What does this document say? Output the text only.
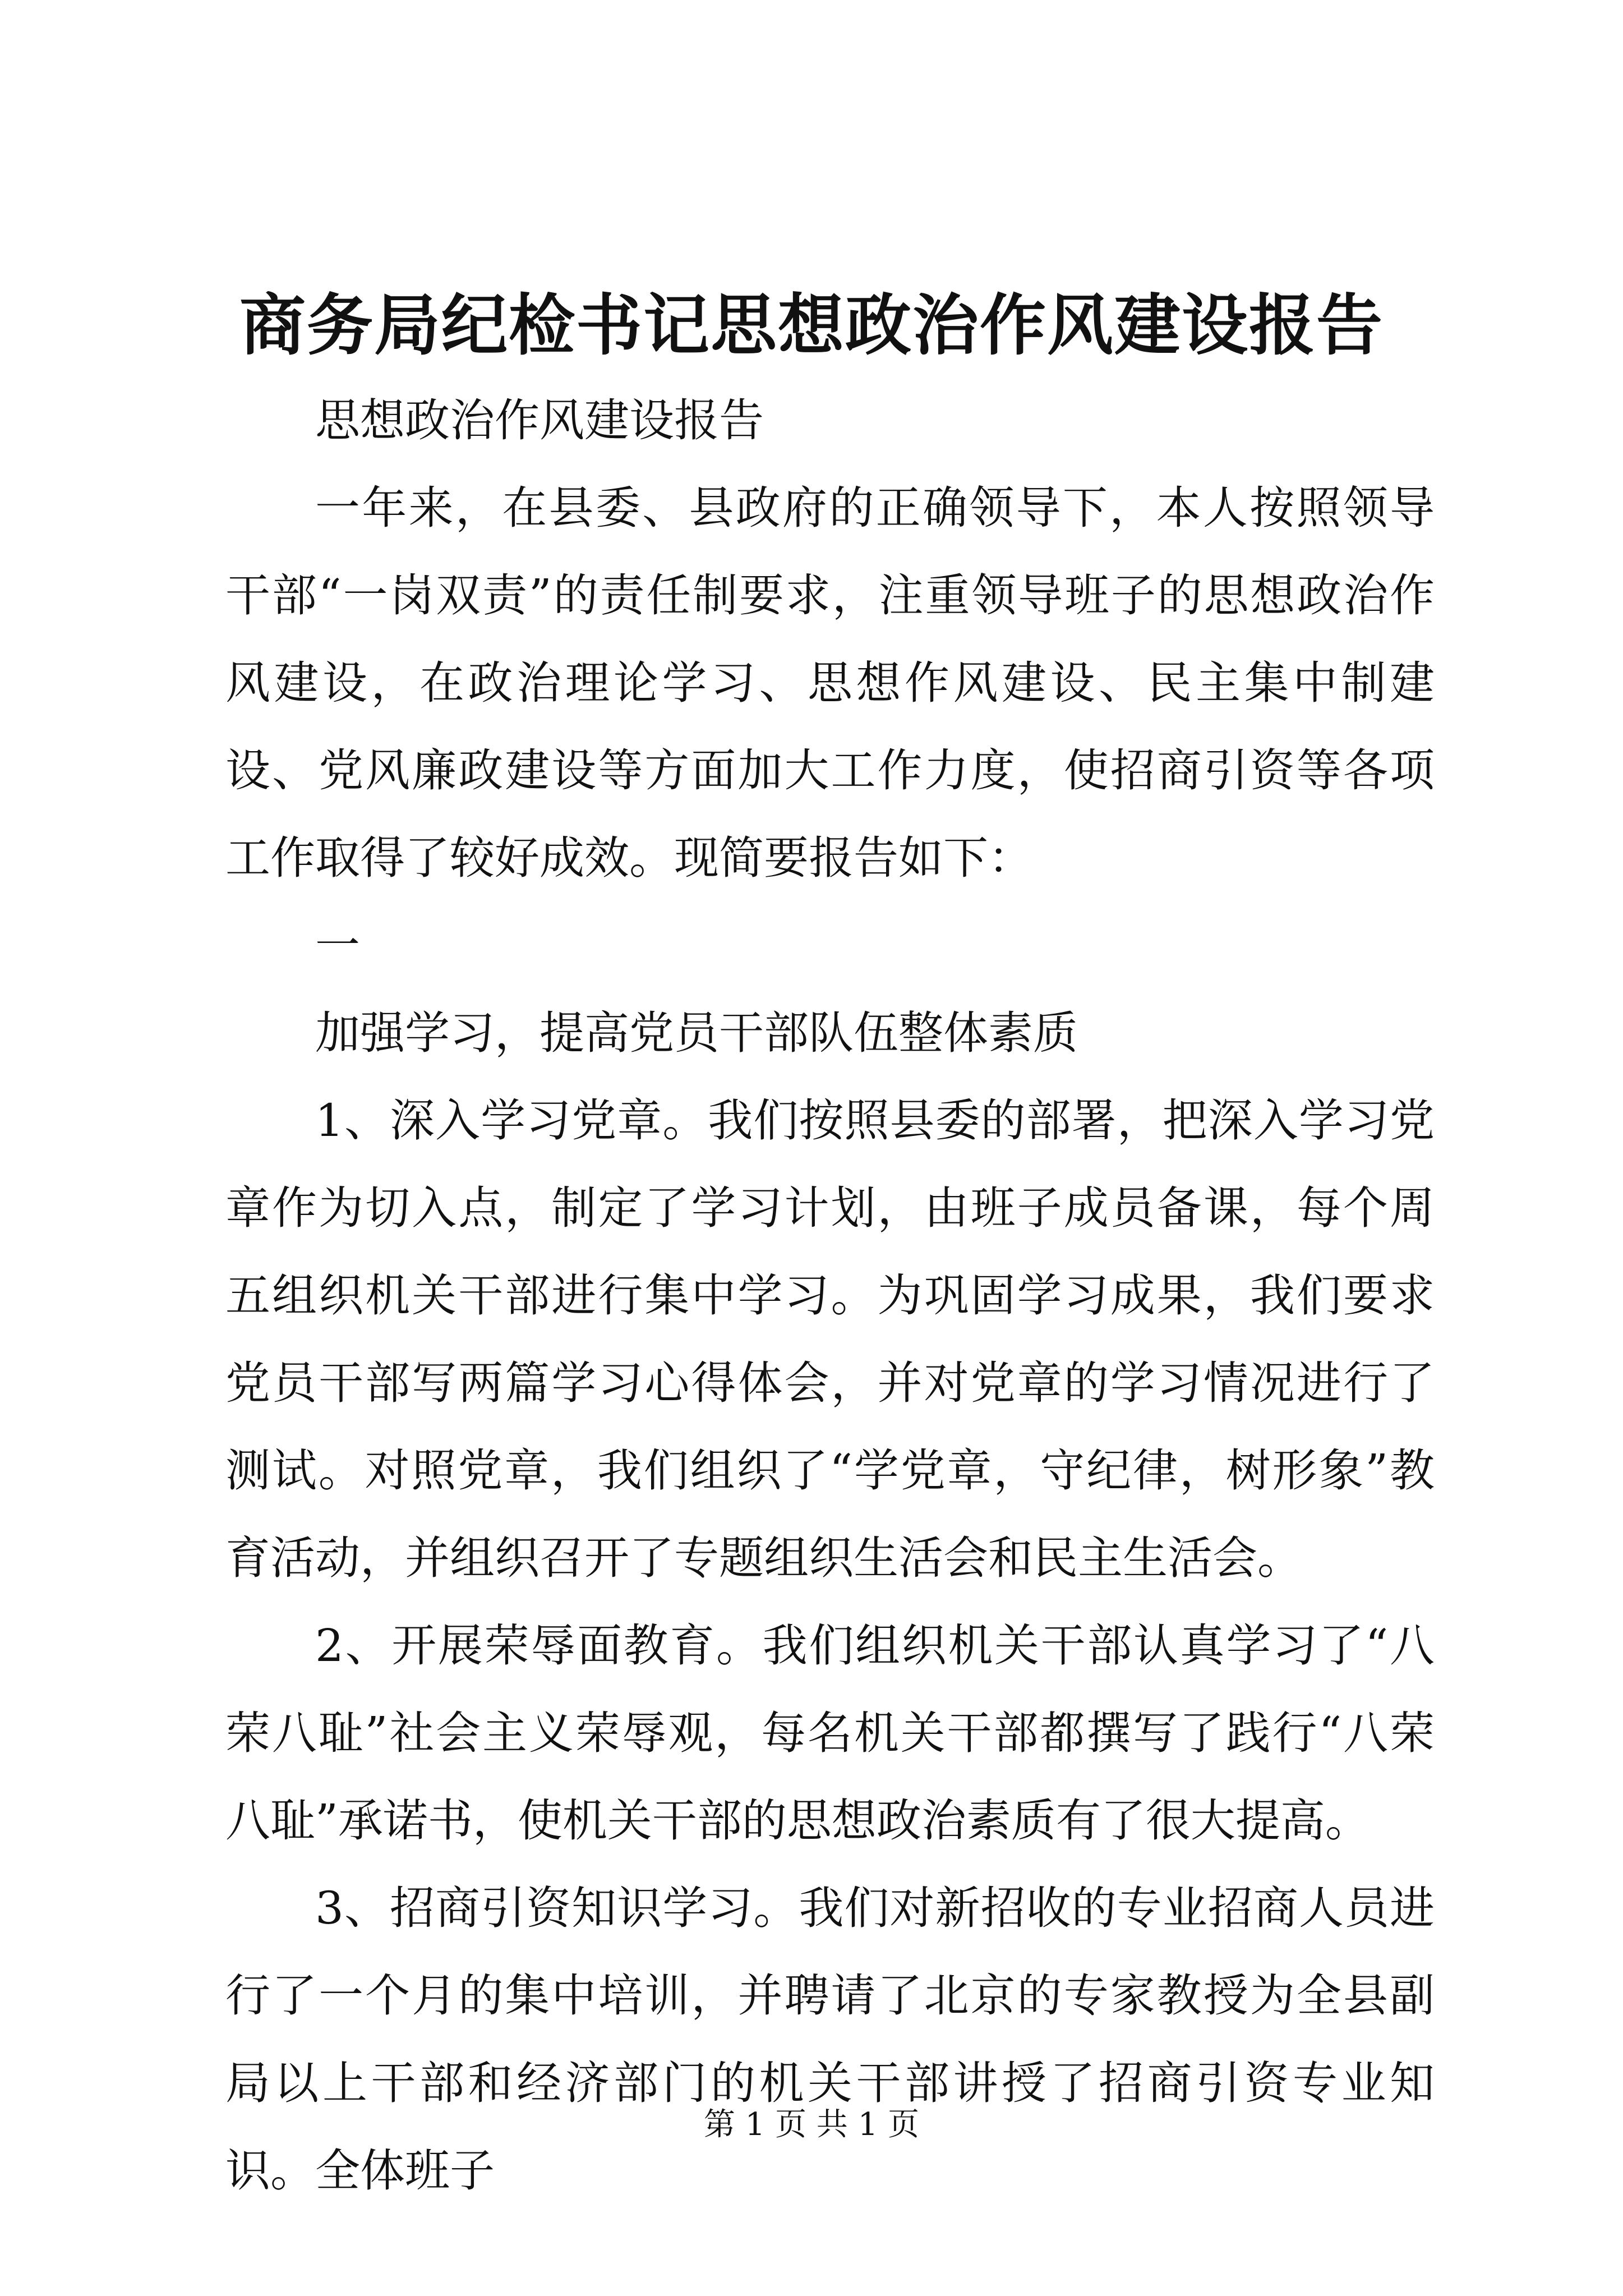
商务局纪检书记思想政治作风建设报告

思想政治作风建设报告

一年来，在县委、县政府的正确领导下，本人按照领导干部“一岗双责”的责任制要求，注重领导班子的思想政治作风建设，在政治理论学习、思想作风建设、民主集中制建设、党风廉政建设等方面加大工作力度，使招商引资等各项工作取得了较好成效。现简要报告如下：

一

加强学习，提高党员干部队伍整体素质

1、深入学习党章。我们按照县委的部署，把深入学习党章作为切入点，制定了学习计划，由班子成员备课，每个周五组织机关干部进行集中学习。为巩固学习成果，我们要求党员干部写两篇学习心得体会，并对党章的学习情况进行了测试。对照党章，我们组织了“学党章，守纪律，树形象”教育活动，并组织召开了专题组织生活会和民主生活会。

2、开展荣辱面教育。我们组织机关干部认真学习了“八荣八耻”社会主义荣辱观，每名机关干部都撰写了践行“八荣八耻”承诺书，使机关干部的思想政治素质有了很大提高。

3、招商引资知识学习。我们对新招收的专业招商人员进行了一个月的集中培训，并聘请了北京的专家教授为全县副局以上干部和经济部门的机关干部讲授了招商引资专业知识。全体班子

第 1 页 共 1 页
